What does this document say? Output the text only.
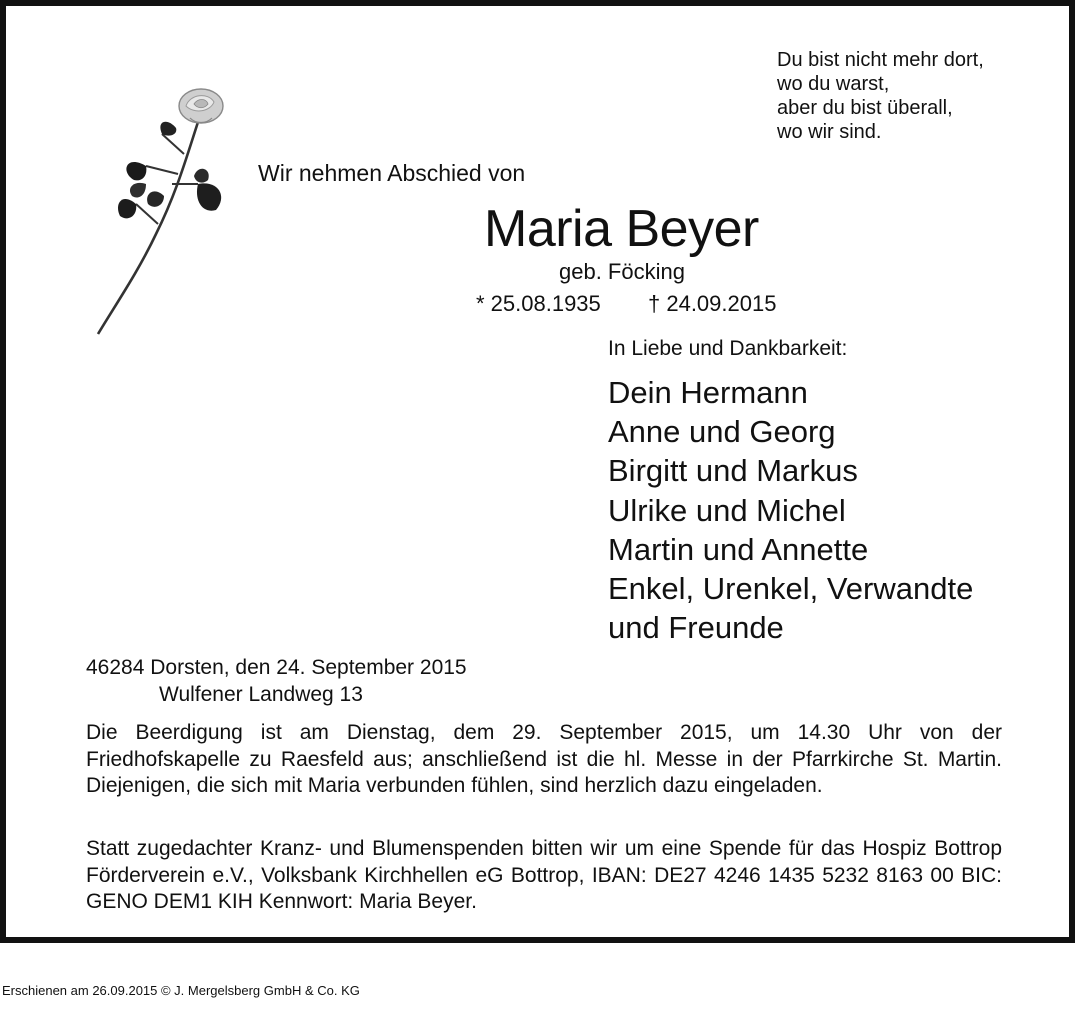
Du bist nicht mehr dort,
wo du warst,
aber du bist überall,
wo wir sind.
Wir nehmen Abschied von
Maria Beyer
geb. Föcking
* 25.08.1935 † 24.09.2015
In Liebe und Dankbarkeit:
Dein Hermann
Anne und Georg
Birgitt und Markus
Ulrike und Michel
Martin und Annette
Enkel, Urenkel, Verwandte
und Freunde
46284 Dorsten, den 24. September 2015
Wulfener Landweg 13

Die Beerdigung ist am Dienstag, dem 29. September 2015, um 14.30 Uhr von der Friedhofskapelle zu Raesfeld aus; anschließend ist die hl. Messe in der Pfarrkirche St. Martin. Diejenigen, die sich mit Maria verbunden fühlen, sind herzlich dazu eingeladen.

Statt zugedachter Kranz- und Blumenspenden bitten wir um eine Spende für das Hospiz Bottrop Förderverein e.V., Volksbank Kirchhellen eG Bottrop, IBAN: DE27 4246 1435 5232 8163 00 BIC: GENO DEM1 KIH Kennwort: Maria Beyer.

Erschienen am 26.09.2015 © J. Mergelsberg GmbH & Co. KG
